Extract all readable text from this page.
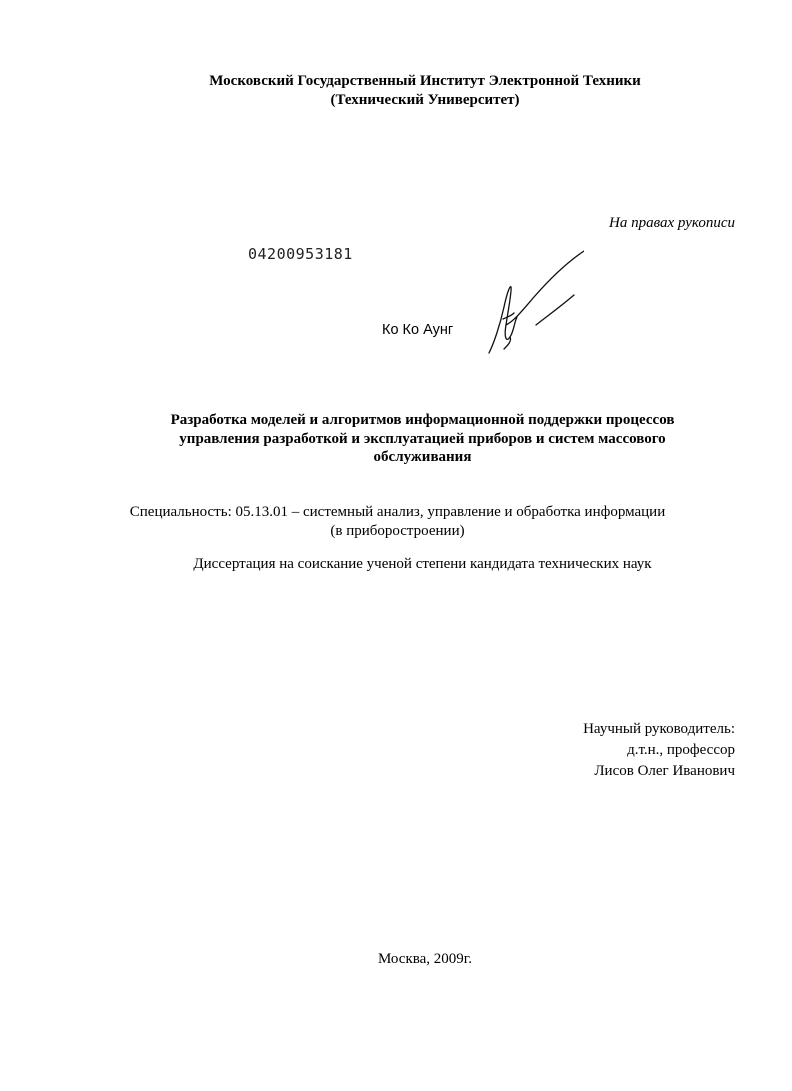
Московский Государственный Институт Электронной Техники
(Технический Университет)
На правах рукописи
04200953181
Ко Ко Аунг
Разработка моделей и алгоритмов информационной поддержки процессов
управления разработкой и эксплуатацией приборов и систем массового
обслуживания
Специальность: 05.13.01 – системный анализ, управление и обработка информации
(в приборостроении)
Диссертация на соискание ученой степени кандидата технических наук
Научный руководитель:
д.т.н., профессор
Лисов Олег Иванович
Москва, 2009г.
